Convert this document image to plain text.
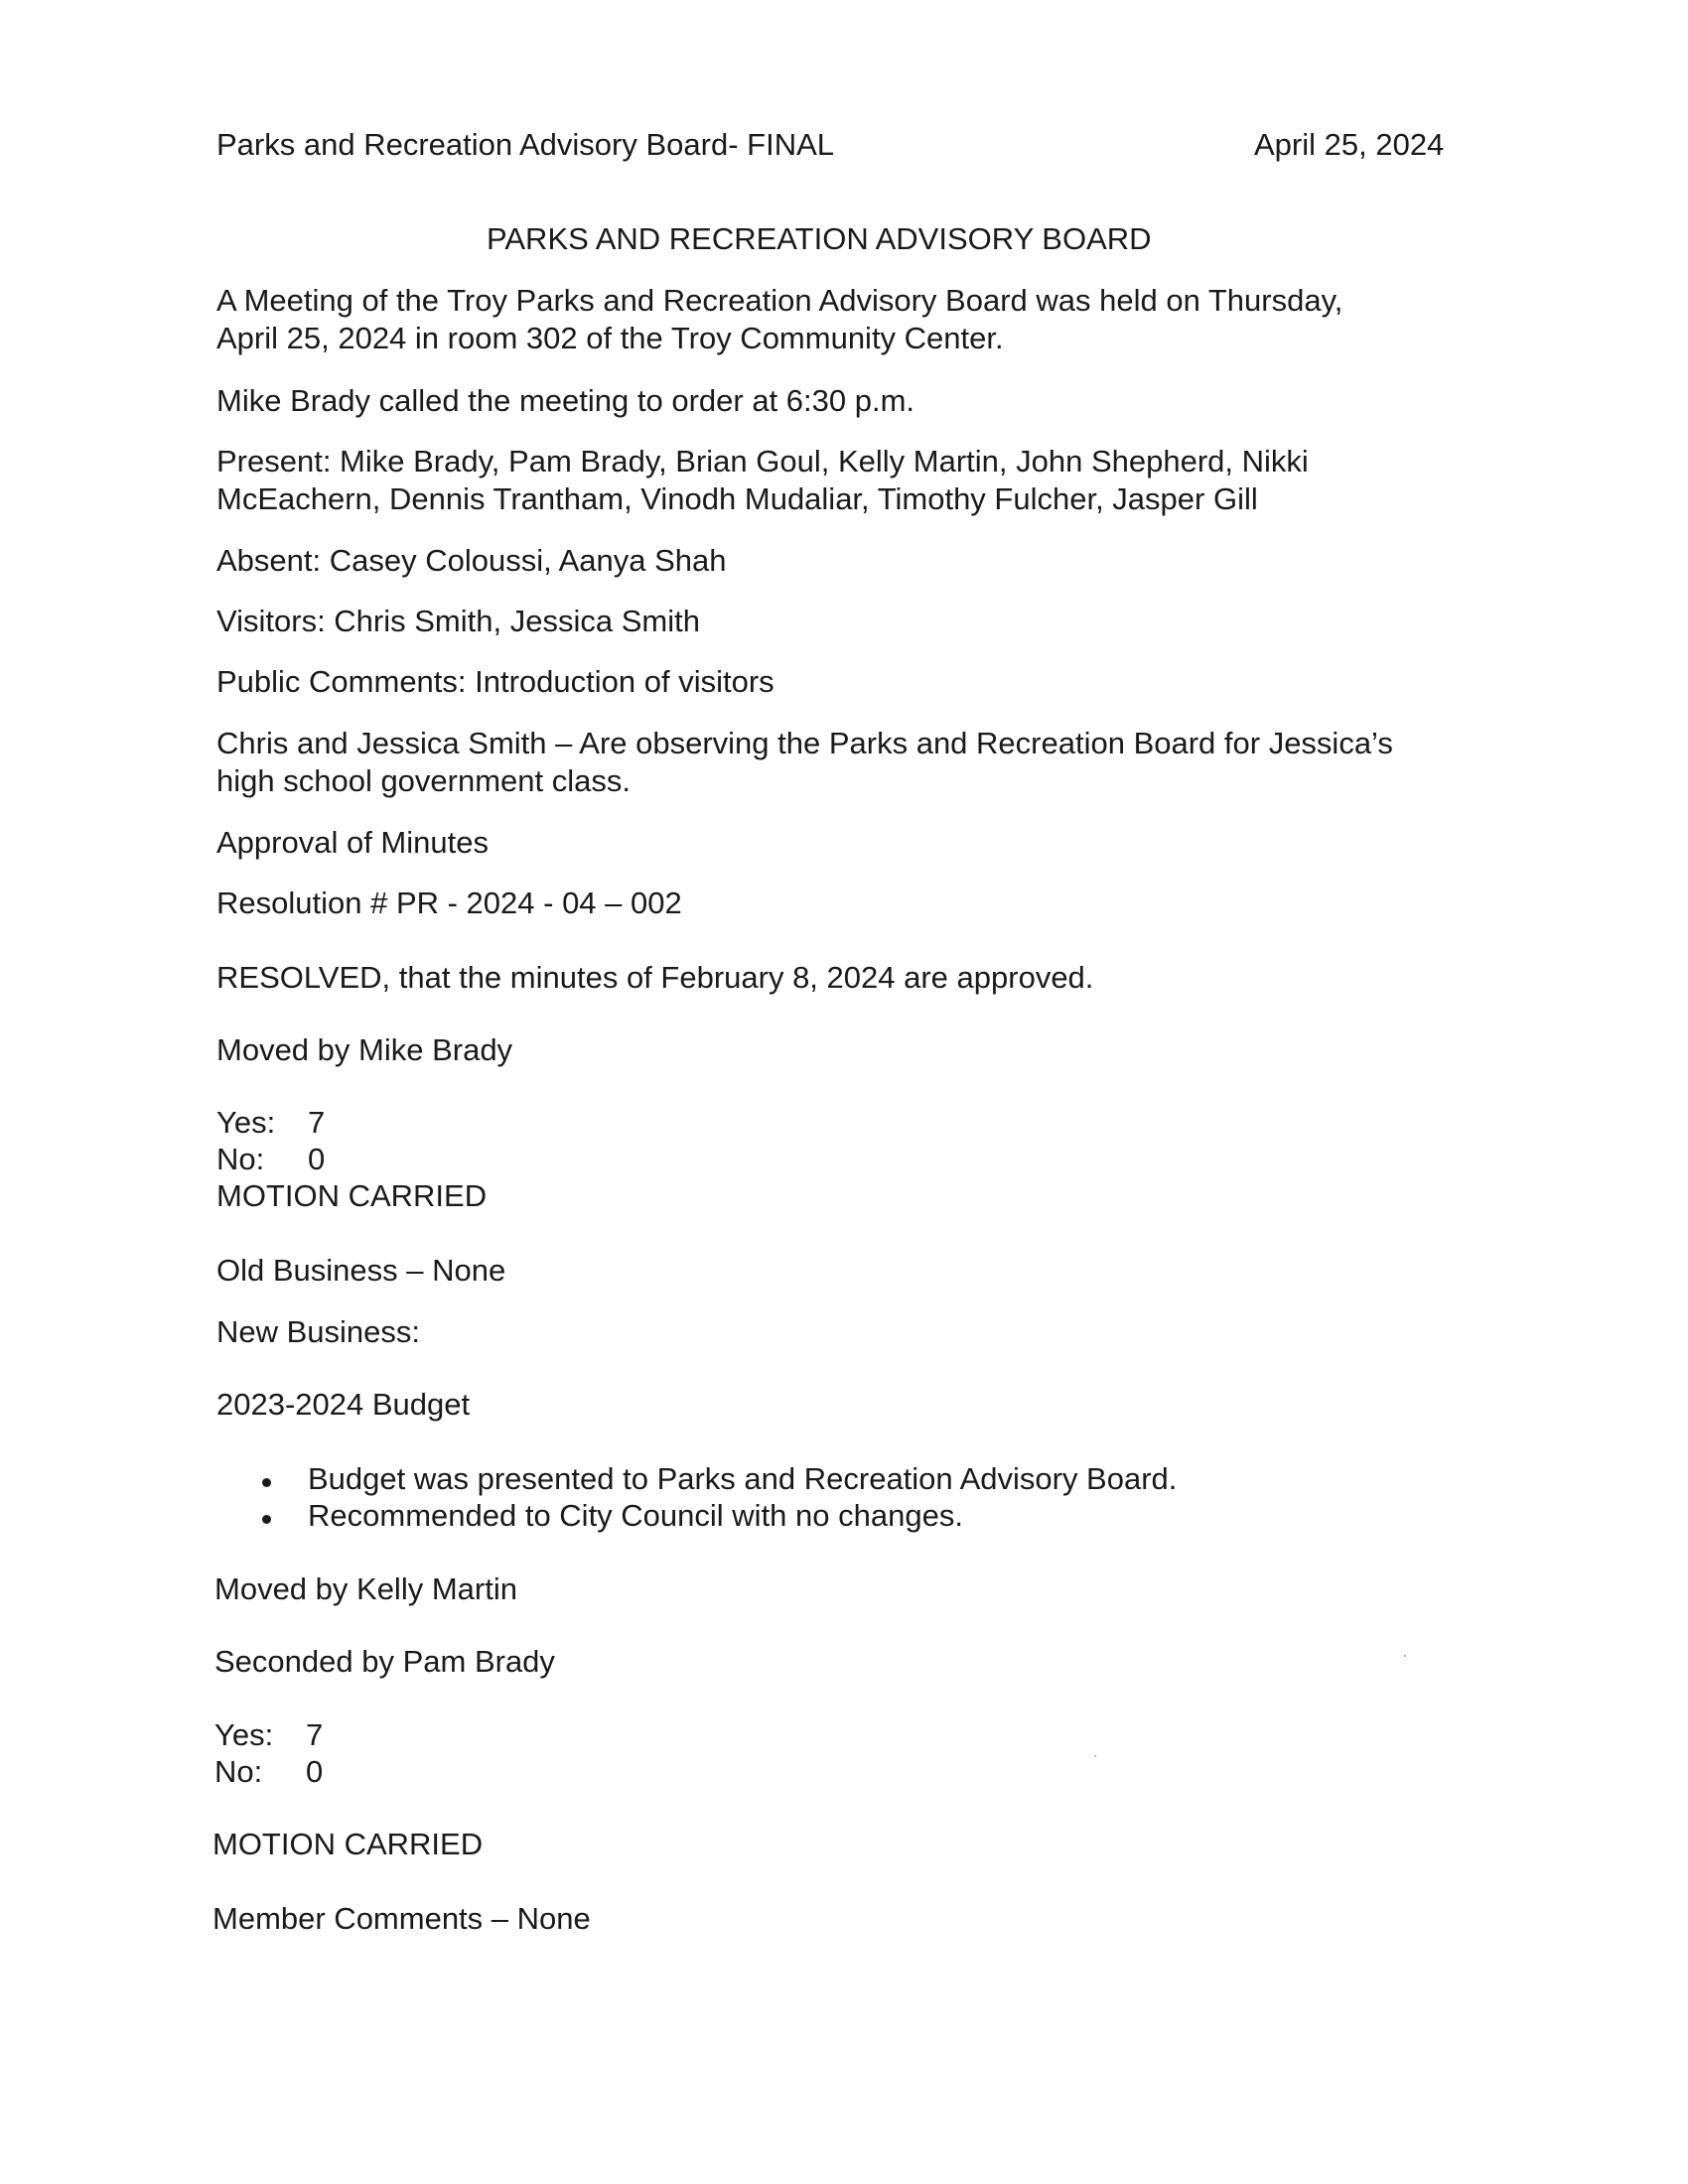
Parks and Recreation Advisory Board- FINAL	April 25, 2024

PARKS AND RECREATION ADVISORY BOARD

A Meeting of the Troy Parks and Recreation Advisory Board was held on Thursday,

April 25, 2024 in room 302 of the Troy Community Center.

Mike Brady called the meeting to order at 6:30 p.m.

Present: Mike Brady, Pam Brady, Brian Goul, Kelly Martin, John Shepherd, Nikki

McEachern, Dennis Trantham, Vinodh Mudaliar, Timothy Fulcher, Jasper Gill

Absent: Casey Coloussi, Aanya Shah

Visitors: Chris Smith, Jessica Smith

Public Comments: Introduction of visitors

Chris and Jessica Smith – Are observing the Parks and Recreation Board for Jessica’s

high school government class.

Approval of Minutes

Resolution # PR - 2024 - 04 – 002

RESOLVED, that the minutes of February 8, 2024 are approved.

Moved by Mike Brady

Yes: 7

No: 0

MOTION CARRIED

Old Business – None

New Business:

2023-2024 Budget

Budget was presented to Parks and Recreation Advisory Board.

Recommended to City Council with no changes.

Moved by Kelly Martin

Seconded by Pam Brady

Yes: 7

No: 0

MOTION CARRIED

Member Comments – None
